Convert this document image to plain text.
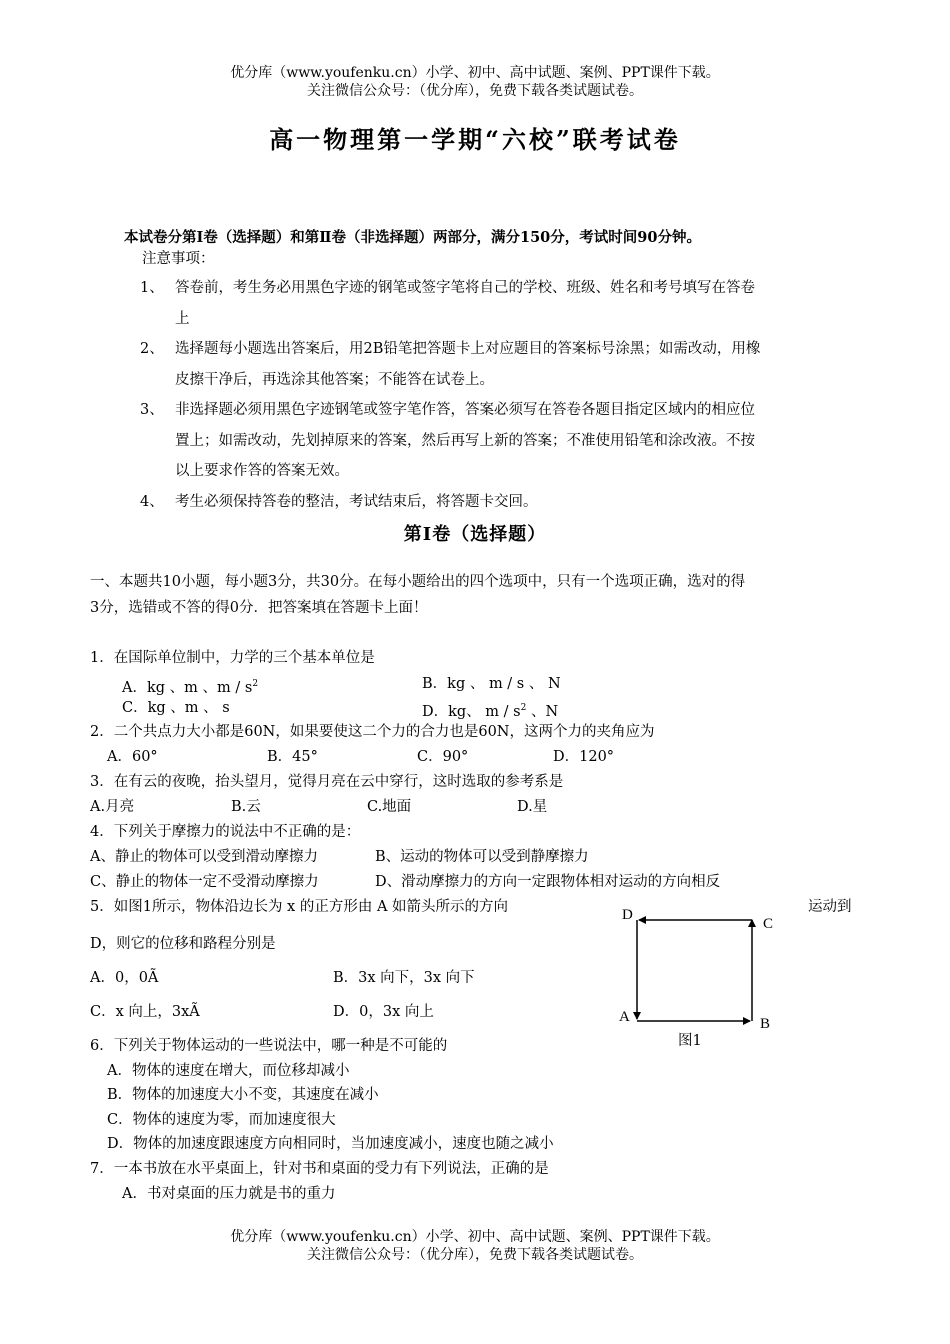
优分库（www.youfenku.cn）小学、初中、高中试题、案例、PPT课件下载。
关注微信公众号：（优分库），免费下载各类试题试卷。
高一物理第一学期“六校”联考试卷
本试卷分第Ⅰ卷（选择题）和第Ⅱ卷（非选择题）两部分，满分150分，考试时间90分钟。
注意事项：
1、 答卷前，考生务必用黑色字迹的钢笔或签字笔将自己的学校、班级、姓名和考号填写在答卷
上
2、 选择题每小题选出答案后，用2B铅笔把答题卡上对应题目的答案标号涂黑；如需改动，用橡
皮擦干净后，再选涂其他答案；不能答在试卷上。
3、 非选择题必须用黑色字迹钢笔或签字笔作答，答案必须写在答卷各题目指定区域内的相应位
置上；如需改动，先划掉原来的答案，然后再写上新的答案；不准使用铅笔和涂改液。不按
以上要求作答的答案无效。
4、 考生必须保持答卷的整洁，考试结束后，将答题卡交回。
第Ⅰ卷（选择题）
一、本题共10小题，每小题3分，共30分。在每小题给出的四个选项中，只有一个选项正确，选对的得
3分，选错或不答的得0分．把答案填在答题卡上面！
1．在国际单位制中，力学的三个基本单位是
A．kg 、m 、m / $s^2$	B．kg 、 m / s 、 N
C．kg 、m 、 s	D．kg、 m / $s^2$ 、N
2．二个共点力大小都是60N，如果要使这二个力的合力也是60N，这两个力的夹角应为
A．60°	B．45°	C．90°	D．120°
3．在有云的夜晚，抬头望月，觉得月亮在云中穿行，这时选取的参考系是
A.月亮	B.云	C.地面	D.星
4．下列关于摩擦力的说法中不正确的是：
A、静止的物体可以受到滑动摩擦力	B、运动的物体可以受到静摩擦力
C、静止的物体一定不受滑动摩擦力	D、滑动摩擦力的方向一定跟物体相对运动的方向相反
5．如图1所示，物体沿边长为 x 的正方形由 A 如箭头所示的方向	运动到
D，则它的位移和路程分别是
A．0，0Ã	B．3x 向下，3x 向下
C．x 向上，3xÃ	D．0，3x 向上
D
C
A	B
图1
6．下列关于物体运动的一些说法中，哪一种是不可能的
A．物体的速度在增大，而位移却减小
B．物体的加速度大小不变，其速度在减小
C．物体的速度为零，而加速度很大
D．物体的加速度跟速度方向相同时，当加速度减小，速度也随之减小
7．一本书放在水平桌面上，针对书和桌面的受力有下列说法，正确的是
A．书对桌面的压力就是书的重力
优分库（www.youfenku.cn）小学、初中、高中试题、案例、PPT课件下载。
关注微信公众号：（优分库），免费下载各类试题试卷。
